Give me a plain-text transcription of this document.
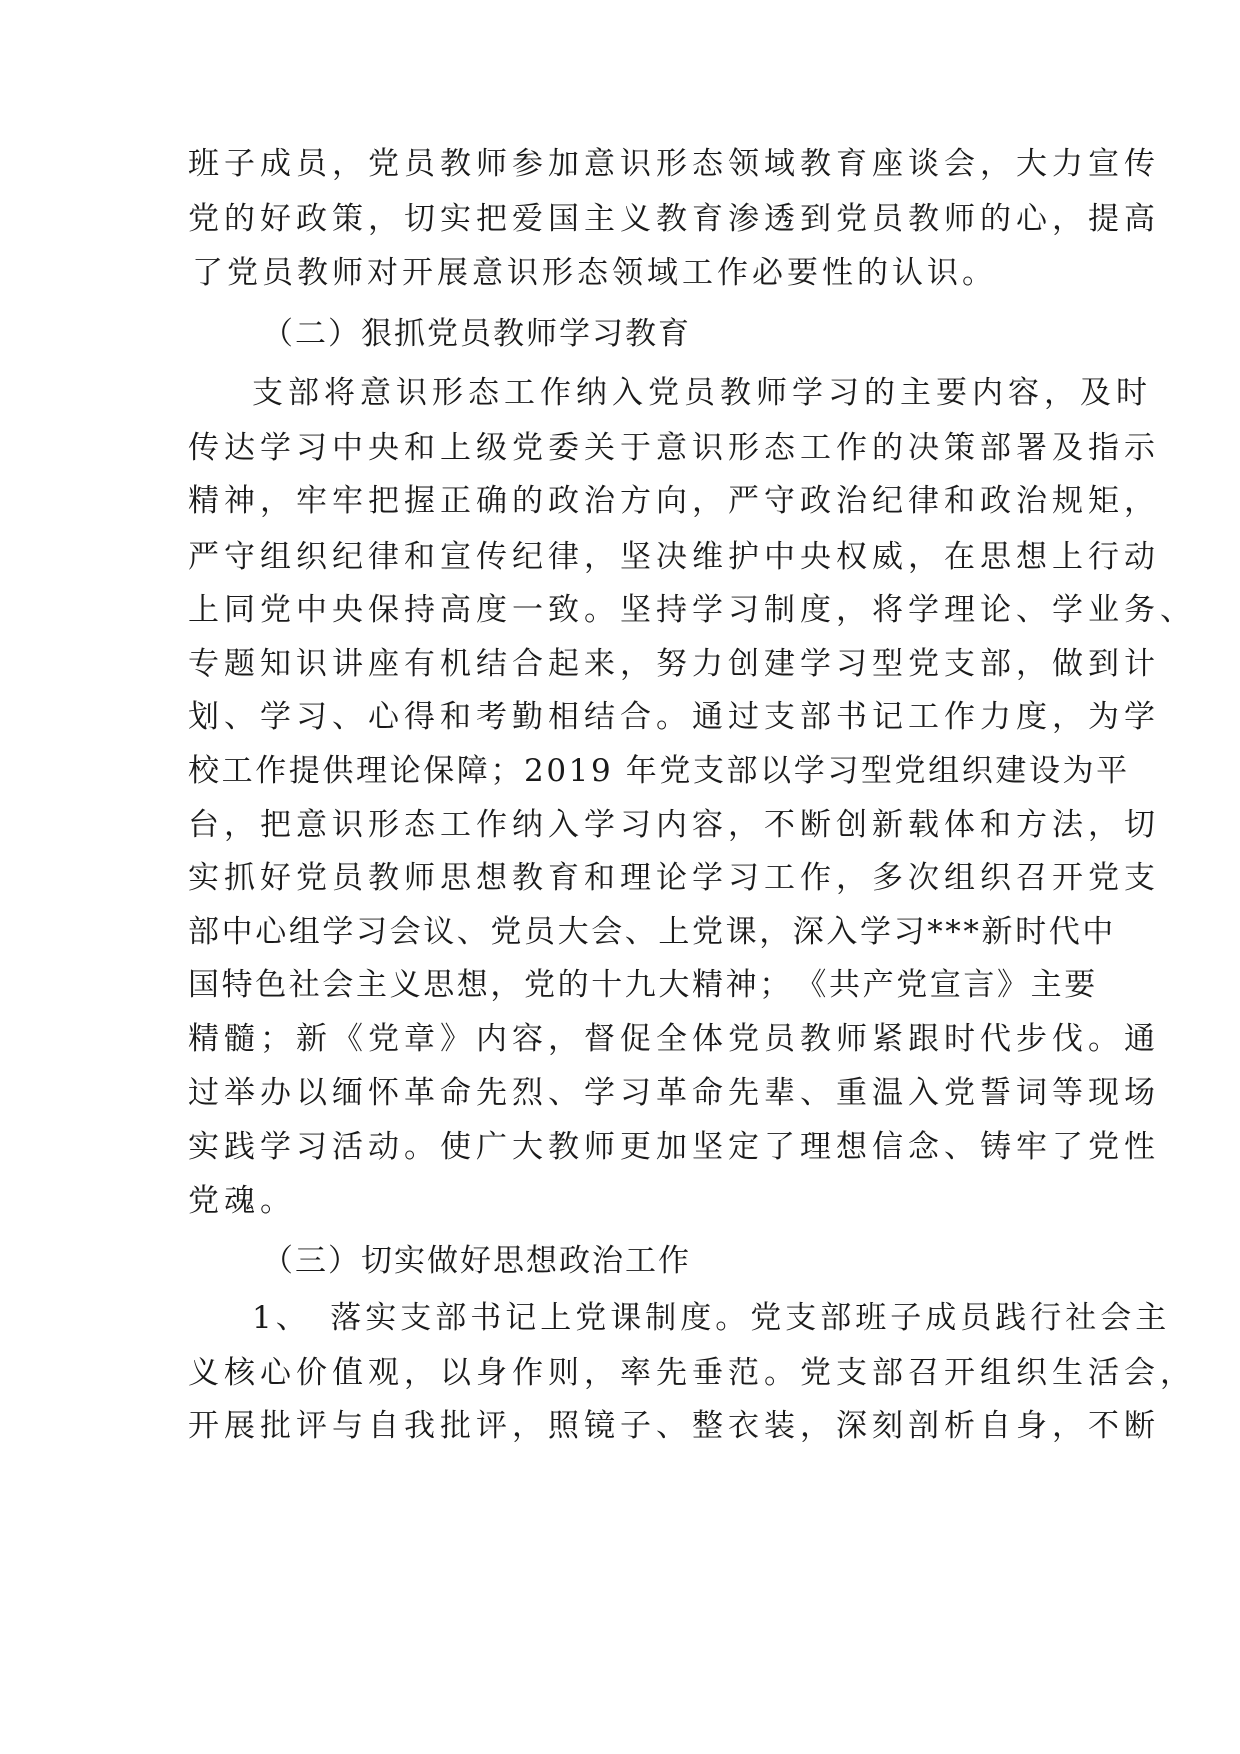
班子成员，党员教师参加意识形态领域教育座谈会，大力宣传
党的好政策，切实把爱国主义教育渗透到党员教师的心，提高
了党员教师对开展意识形态领域工作必要性的认识。
（二）狠抓党员教师学习教育
支部将意识形态工作纳入党员教师学习的主要内容，及时
传达学习中央和上级党委关于意识形态工作的决策部署及指示
精神，牢牢把握正确的政治方向，严守政治纪律和政治规矩，
严守组织纪律和宣传纪律，坚决维护中央权威，在思想上行动
上同党中央保持高度一致。坚持学习制度，将学理论、学业务、
专题知识讲座有机结合起来，努力创建学习型党支部，做到计
划、学习、心得和考勤相结合。通过支部书记工作力度，为学
校工作提供理论保障；2019 年党支部以学习型党组织建设为平
台，把意识形态工作纳入学习内容，不断创新载体和方法，切
实抓好党员教师思想教育和理论学习工作，多次组织召开党支
部中心组学习会议、党员大会、上党课，深入学习***新时代中
国特色社会主义思想，党的十九大精神；　《共产党宣言》主要
精髓；新《党章》内容，督促全体党员教师紧跟时代步伐。通
过举办以缅怀革命先烈、学习革命先辈、重温入党誓词等现场
实践学习活动。使广大教师更加坚定了理想信念、铸牢了党性
党魂。
（三）切实做好思想政治工作
1、　落实支部书记上党课制度。党支部班子成员践行社会主
义核心价值观，以身作则，率先垂范。党支部召开组织生活会，
开展批评与自我批评，照镜子、整衣装，深刻剖析自身，不断
